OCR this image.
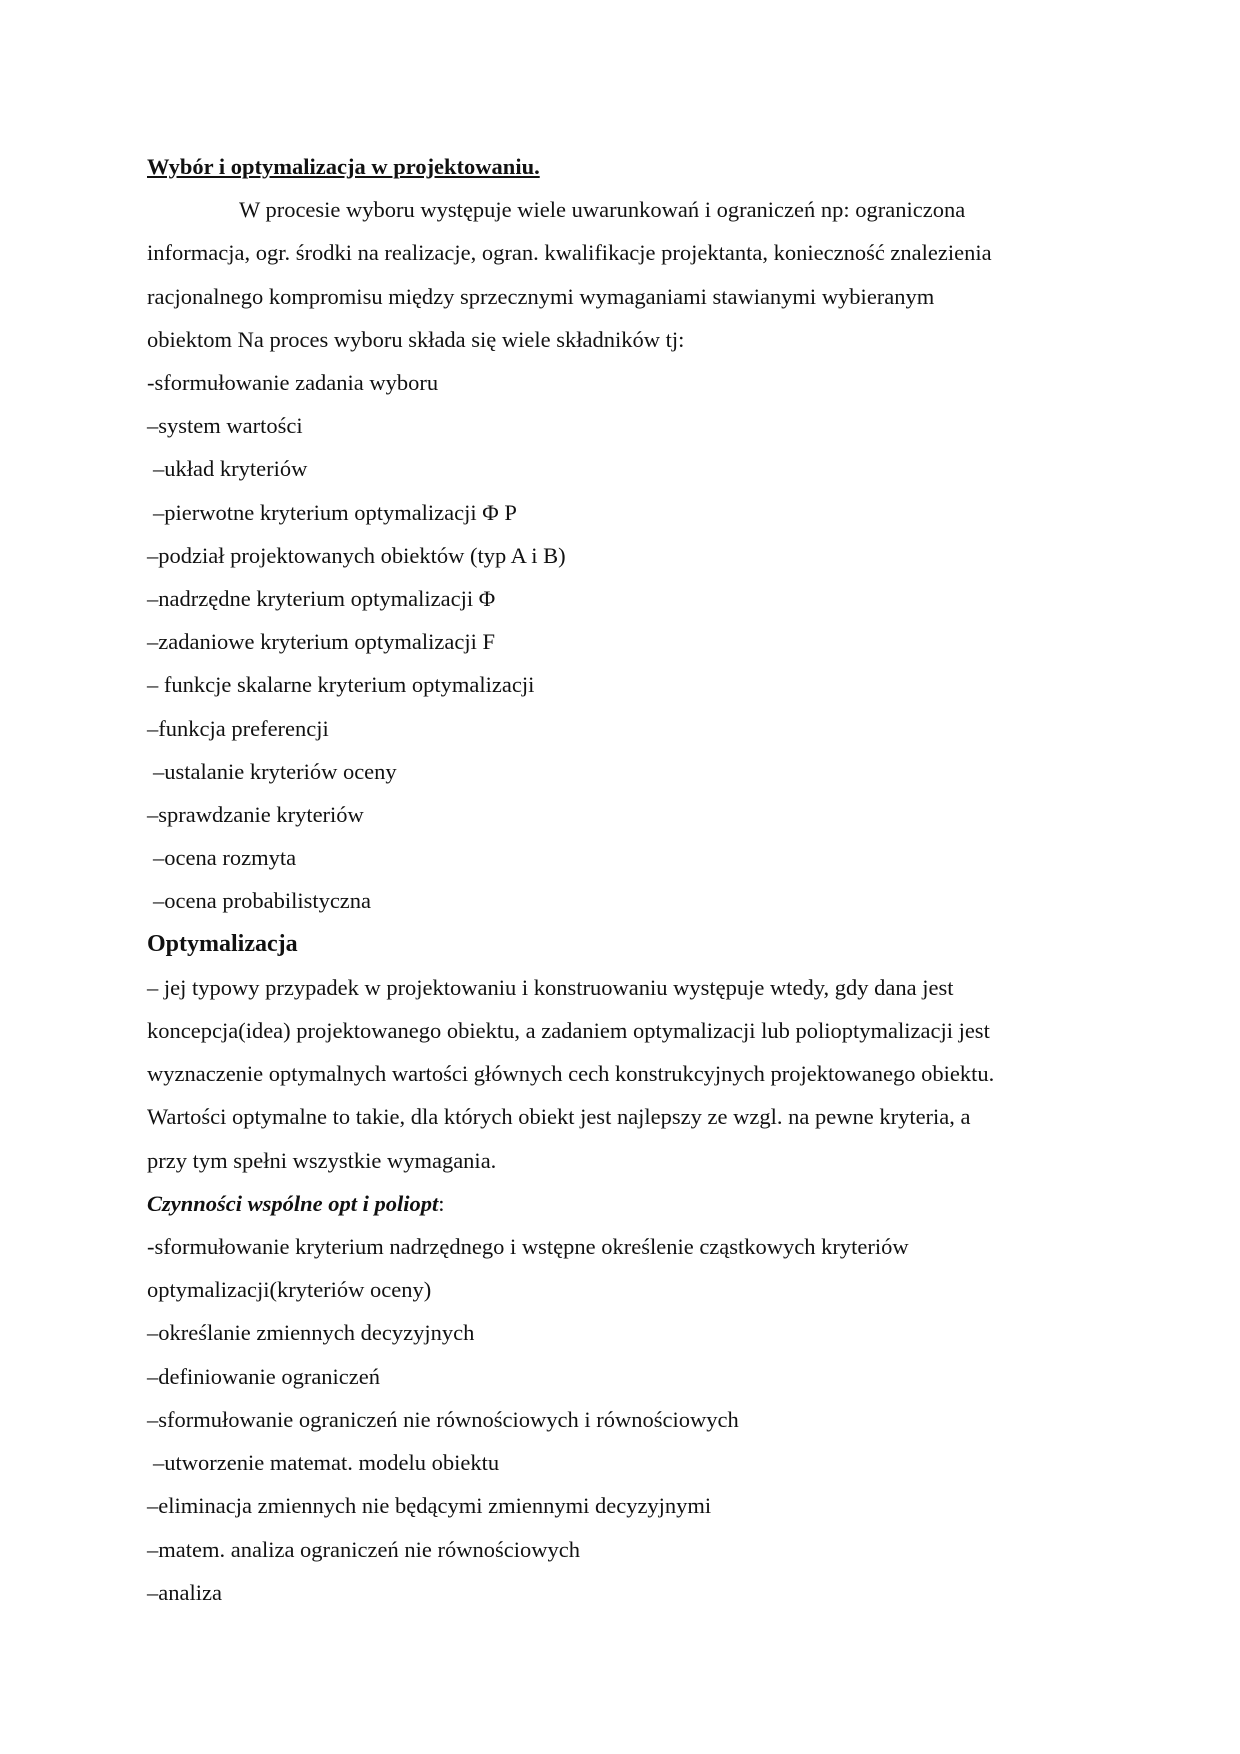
Wybór i optymalizacja w projektowaniu.

W procesie wyboru występuje wiele uwarunkowań i ograniczeń np: ograniczona

informacja, ogr. środki na realizacje, ogran. kwalifikacje projektanta, konieczność znalezienia

racjonalnego kompromisu między sprzecznymi wymaganiami stawianymi wybieranym

obiektom Na proces wyboru składa się wiele składników tj:

-sformułowanie zadania wyboru

–system wartości

–układ kryteriów

–pierwotne kryterium optymalizacji Φ P

–podział projektowanych obiektów (typ A i B)

–nadrzędne kryterium optymalizacji Φ

–zadaniowe kryterium optymalizacji F

– funkcje skalarne kryterium optymalizacji

–funkcja preferencji

–ustalanie kryteriów oceny

–sprawdzanie kryteriów

–ocena rozmyta

–ocena probabilistyczna

Optymalizacja

– jej typowy przypadek w projektowaniu i konstruowaniu występuje wtedy, gdy dana jest

koncepcja(idea) projektowanego obiektu, a zadaniem optymalizacji lub polioptymalizacji jest

wyznaczenie optymalnych wartości głównych cech konstrukcyjnych projektowanego obiektu.

Wartości optymalne to takie, dla których obiekt jest najlepszy ze wzgl. na pewne kryteria, a

przy tym spełni wszystkie wymagania.

Czynności wspólne opt i poliopt:

-sformułowanie kryterium nadrzędnego i wstępne określenie cząstkowych kryteriów

optymalizacji(kryteriów oceny)

–określanie zmiennych decyzyjnych

–definiowanie ograniczeń

–sformułowanie ograniczeń nie równościowych i równościowych

–utworzenie matemat. modelu obiektu

–eliminacja zmiennych nie będącymi zmiennymi decyzyjnymi

–matem. analiza ograniczeń nie równościowych

–analiza
